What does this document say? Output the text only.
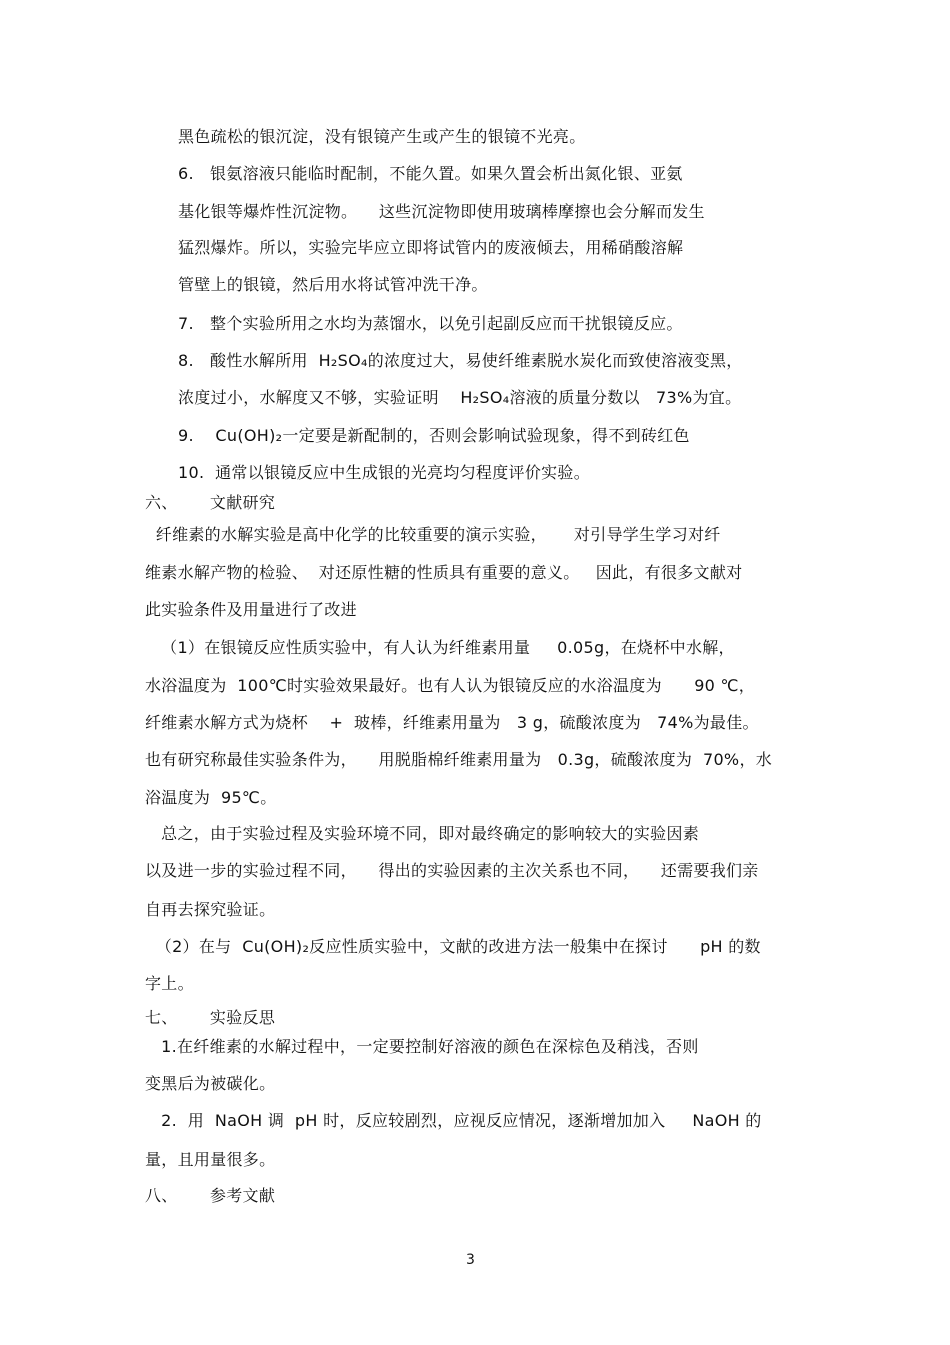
黑色疏松的银沉淀，没有银镜产生或产生的银镜不光亮。
6.   银氨溶液只能临时配制，不能久置。如果久置会析出氮化银、亚氨
基化银等爆炸性沉淀物。    这些沉淀物即使用玻璃棒摩擦也会分解而发生
猛烈爆炸。所以，实验完毕应立即将试管内的废液倾去，用稀硝酸溶解
管壁上的银镜，然后用水将试管冲洗干净。
7.   整个实验所用之水均为蒸馏水，以免引起副反应而干扰银镜反应。
8.   酸性水解所用  H₂SO₄的浓度过大，易使纤维素脱水炭化而致使溶液变黑，
浓度过小，水解度又不够，实验证明    H₂SO₄溶液的质量分数以   73%为宜。
9.    Cu(OH)₂一定要是新配制的，否则会影响试验现象，得不到砖红色
10.  通常以银镜反应中生成银的光亮均匀程度评价实验。
六、      文献研究
纤维素的水解实验是高中化学的比较重要的演示实验，     对引导学生学习对纤
维素水解产物的检验、  对还原性糖的性质具有重要的意义。   因此，有很多文献对
此实验条件及用量进行了改进
（1）在银镜反应性质实验中，有人认为纤维素用量     0.05g，在烧杯中水解，
水浴温度为  100℃时实验效果最好。也有人认为银镜反应的水浴温度为      90 ℃，
纤维素水解方式为烧杯    +  玻棒，纤维素用量为   3 g，硫酸浓度为   74%为最佳。
也有研究称最佳实验条件为，    用脱脂棉纤维素用量为   0.3g，硫酸浓度为  70%，水
浴温度为  95℃。
总之，由于实验过程及实验环境不同，即对最终确定的影响较大的实验因素
以及进一步的实验过程不同，    得出的实验因素的主次关系也不同，    还需要我们亲
自再去探究验证。
（2）在与  Cu(OH)₂反应性质实验中，文献的改进方法一般集中在探讨      pH 的数
字上。
七、      实验反思
1.在纤维素的水解过程中，一定要控制好溶液的颜色在深棕色及稍浅，否则
变黑后为被碳化。
2.  用  NaOH 调  pH 时，反应较剧烈，应视反应情况，逐渐增加加入     NaOH 的
量，且用量很多。
八、      参考文献
3
